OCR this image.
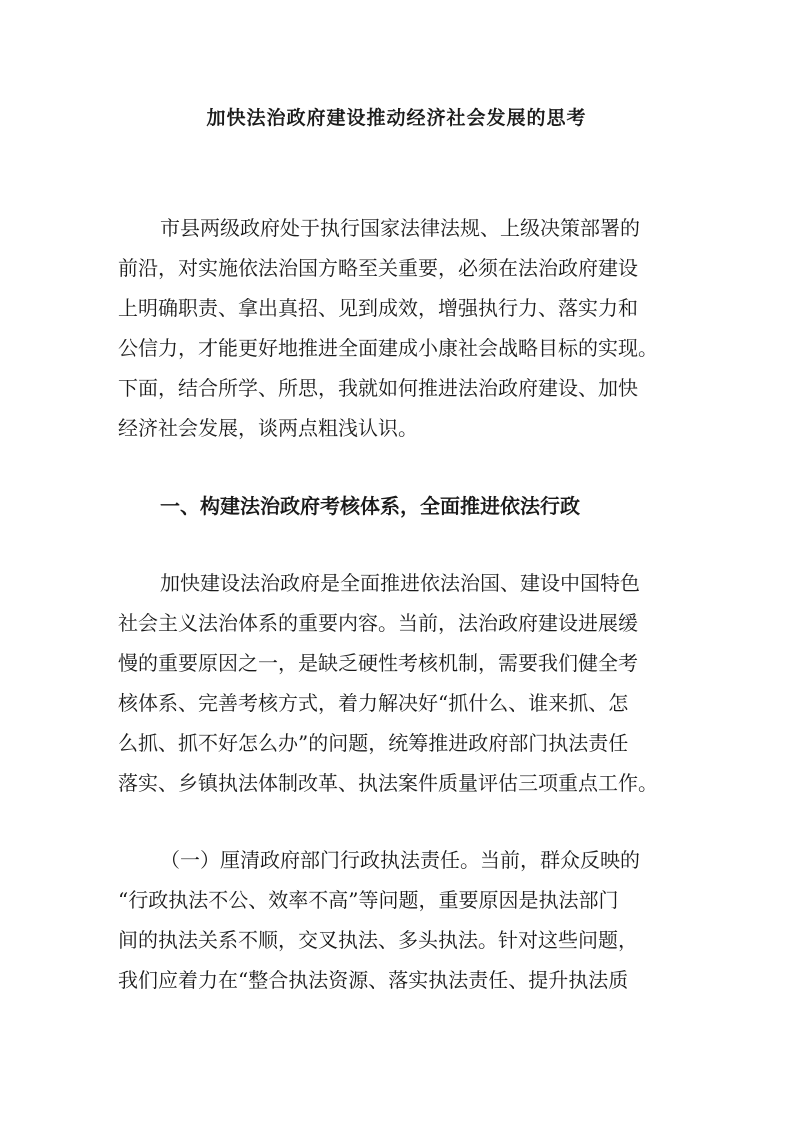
加快法治政府建设推动经济社会发展的思考

市县两级政府处于执行国家法律法规、上级决策部署的

前沿，对实施依法治国方略至关重要，必须在法治政府建设

上明确职责、拿出真招、见到成效，增强执行力、落实力和

公信力，才能更好地推进全面建成小康社会战略目标的实现。

下面，结合所学、所思，我就如何推进法治政府建设、加快

经济社会发展，谈两点粗浅认识。

一、构建法治政府考核体系，全面推进依法行政

加快建设法治政府是全面推进依法治国、建设中国特色

社会主义法治体系的重要内容。当前，法治政府建设进展缓

慢的重要原因之一，是缺乏硬性考核机制，需要我们健全考

核体系、完善考核方式，着力解决好“抓什么、谁来抓、怎

么抓、抓不好怎么办”的问题，统筹推进政府部门执法责任

落实、乡镇执法体制改革、执法案件质量评估三项重点工作。

（一）厘清政府部门行政执法责任。当前，群众反映的

“行政执法不公、效率不高”等问题，重要原因是执法部门

间的执法关系不顺，交叉执法、多头执法。针对这些问题，

我们应着力在“整合执法资源、落实执法责任、提升执法质
